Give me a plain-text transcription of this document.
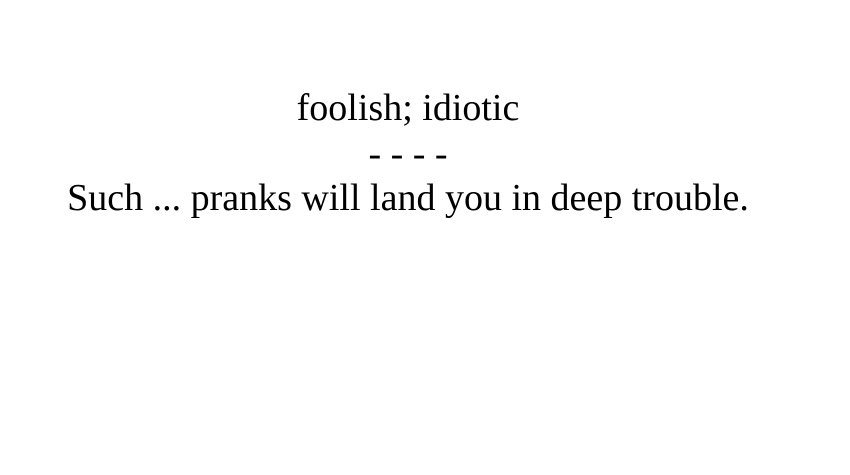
foolish; idiotic
- - - -
Such ... pranks will land you in deep trouble.
